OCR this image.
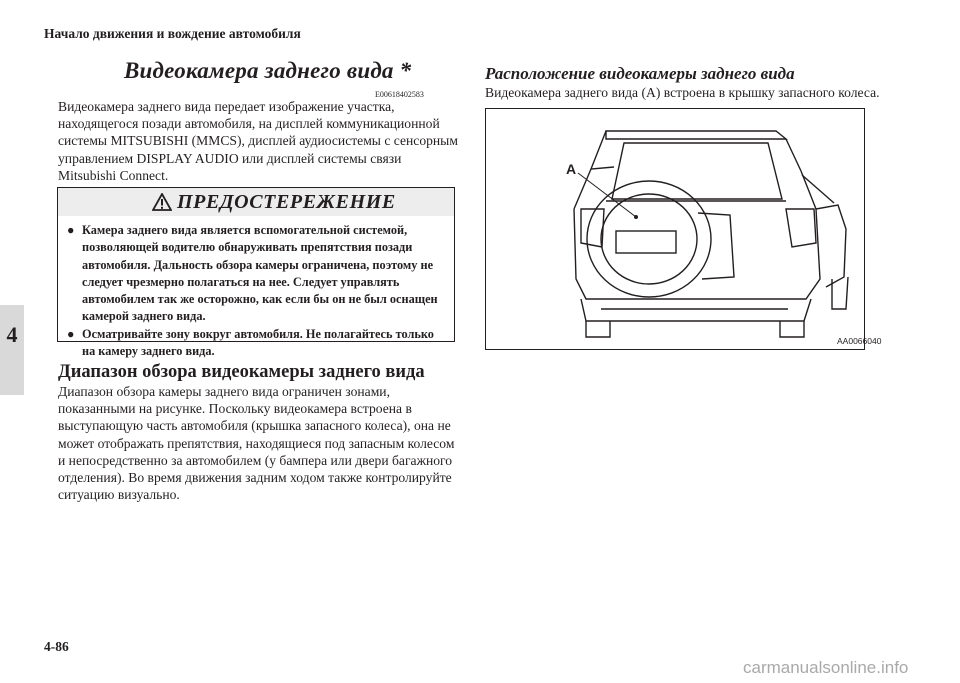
Начало движения и вождение автомобиля
4
Видеокамера заднего вида *
E00618402583
Видеокамера заднего вида передает изображение участка, находящегося позади автомобиля, на дисплей коммуникационной системы MITSUBISHI (MMCS), дисплей аудиосистемы с сенсорным управлением DISPLAY AUDIO или дисплей системы связи Mitsubishi Connect.
ПРЕДОСТЕРЕЖЕНИЕ
● Камера заднего вида является вспомогательной системой, позволяющей водителю обнаруживать препятствия позади автомобиля. Дальность обзора камеры ограничена, поэтому не следует чрезмерно полагаться на нее. Следует управлять автомобилем так же осторожно, как если бы он не был оснащен камерой заднего вида.
● Осматривайте зону вокруг автомобиля. Не полагайтесь только на камеру заднего вида.
Диапазон обзора видеокамеры заднего вида
Диапазон обзора камеры заднего вида ограничен зонами, показанными на рисунке. Поскольку видеокамера встроена в выступающую часть автомобиля (крышка запасного колеса), она не может отображать препятствия, находящиеся под запасным колесом и непосредственно за автомобилем (у бампера или двери багажного отделения). Во время движения задним ходом также контролируйте ситуацию визуально.
Расположение видеокамеры заднего вида
Видеокамера заднего вида (A) встроена в крышку запасного колеса.
A
AA0066040
4-86
carmanualsonline.info
